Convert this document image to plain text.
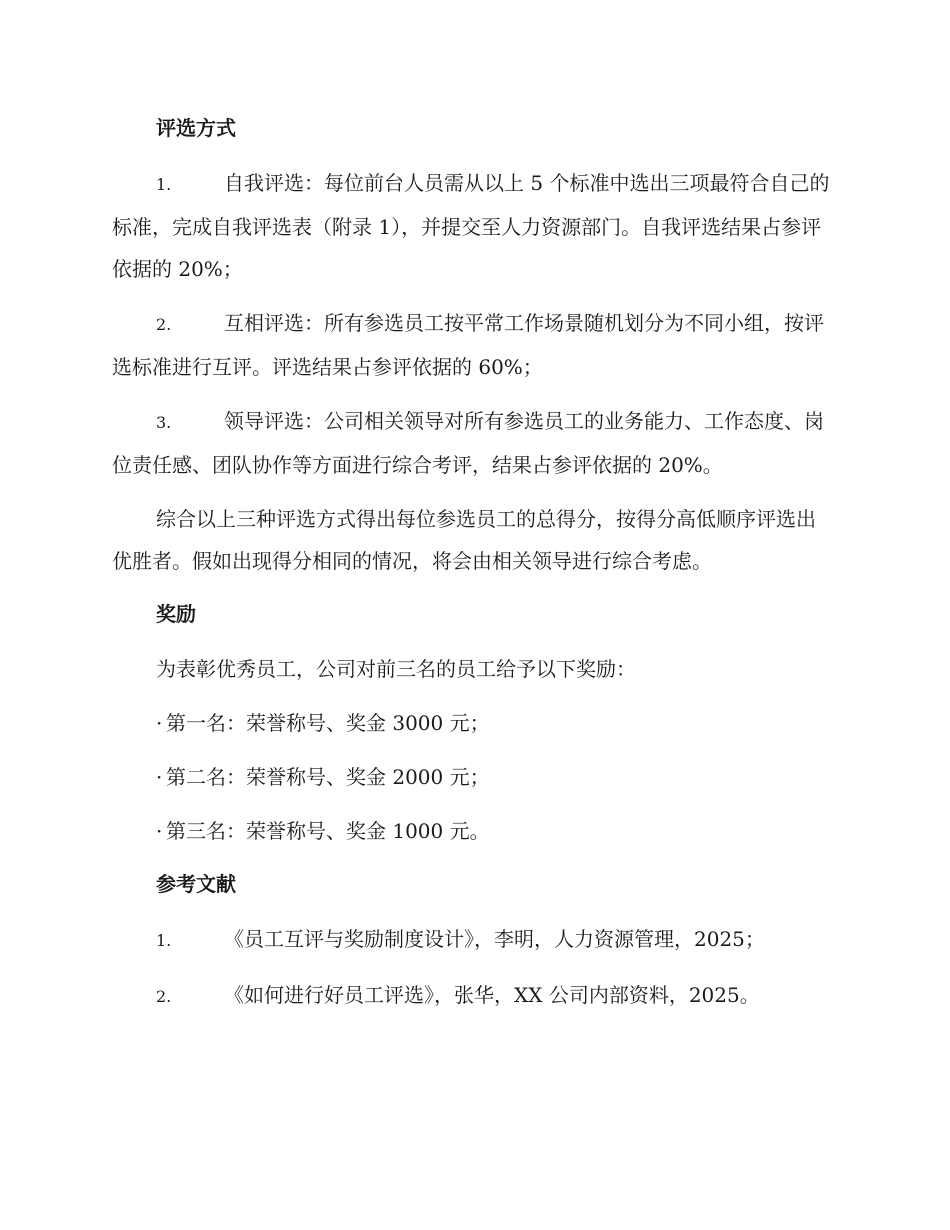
评选方式
1.	自我评选：每位前台人员需从以上 5 个标准中选出三项最符合自己的标准，完成自我评选表（附录 1），并提交至人力资源部门。自我评选结果占参评依据的 20%；
2.	互相评选：所有参选员工按平常工作场景随机划分为不同小组，按评选标准进行互评。评选结果占参评依据的 60%；
3.	领导评选：公司相关领导对所有参选员工的业务能力、工作态度、岗位责任感、团队协作等方面进行综合考评，结果占参评依据的 20%。
综合以上三种评选方式得出每位参选员工的总得分，按得分高低顺序评选出优胜者。假如出现得分相同的情况，将会由相关领导进行综合考虑。
奖励
为表彰优秀员工，公司对前三名的员工给予以下奖励：
· 第一名：荣誉称号、奖金 3000 元；
· 第二名：荣誉称号、奖金 2000 元；
· 第三名：荣誉称号、奖金 1000 元。
参考文献
1.	《员工互评与奖励制度设计》，李明，人力资源管理，2025；
2.	《如何进行好员工评选》，张华，XX 公司内部资料，2025。
